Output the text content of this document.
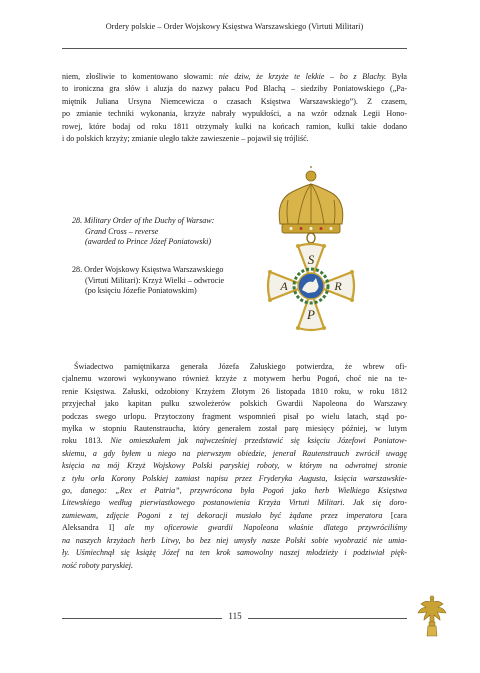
Ordery polskie – Order Wojskowy Księstwa Warszawskiego (Virtuti Militari)
niem, złośliwie to komentowano słowami: nie dziw, że krzyże te lekkie – bo z Blachy. Była
to ironiczna gra słów i aluzja do nazwy pałacu Pod Blachą – siedziby Poniatowskiego („Pa-
miętnik Juliana Ursyna Niemcewicza o czasach Księstwa Warszawskiego”). Z czasem,
po zmianie techniki wykonania, krzyże nabrały wypukłości, a na wzór odznak Legii Hono-
rowej, które bodaj od roku 1811 otrzymały kulki na końcach ramion, kulki takie dodano
i do polskich krzyży; zmianie uległo także zawieszenie – pojawił się trójliść.
28. Military Order of the Duchy of Warsaw:
Grand Cross – reverse
(awarded to Prince Józef Poniatowski)
28. Order Wojskowy Księstwa Warszawskiego
(Virtuti Militari): Krzyż Wielki – odwrocie
(po księciu Józefie Poniatowskim)
S
A	R
P
Świadectwo pamiętnikarza generała Józefa Załuskiego potwierdza, że wbrew ofi-
cjalnemu wzorowi wykonywano również krzyże z motywem herbu Pogoń, choć nie na te-
renie Księstwa. Załuski, odzobiony Krzyżem Złotym 26 listopada 1810 roku, w roku 1812
przyjechał jako kapitan pułku szwoleżerów polskich Gwardii Napoleona do Warszawy
podczas swego urlopu. Przytoczony fragment wspomnień pisał po wielu latach, stąd po-
myłka w stopniu Rautenstraucha, który generałem został parę miesięcy później, w lutym
roku 1813. Nie omieszkałem jak najwcześniej przedstawić się księciu Józefowi Poniatow-
skiemu, a gdy byłem u niego na pierwszym obiedzie, jenerał Rautenstrauch zwrócił uwagę
księcia na mój Krzyż Wojskowy Polski paryskiej roboty, w którym na odwrotnej stronie
z tyłu orła Korony Polskiej zamiast napisu przez Fryderyka Augusta, księcia warszawskie-
go, danego: „Rex et Patria”, przywrócona była Pogoń jako herb Wielkiego Księstwa
Litewskiego według pierwiastkowego postanowienia Krzyża Virtuti Militari. Jak się doro-
zumiewam, zdjęcie Pogoni z tej dekoracji musiało być żądane przez imperatora [cara
Aleksandra I] ale my oficerowie gwardii Napoleona właśnie dlatego przywróciliśmy
na naszych krzyżach herb Litwy, bo bez niej umysły nasze Polski sobie wyobrazić nie umia-
ły. Uśmiechnął się książę Józef na ten krok samowolny naszej młodzieży i podziwiał pięk-
ność roboty paryskiej.
115
